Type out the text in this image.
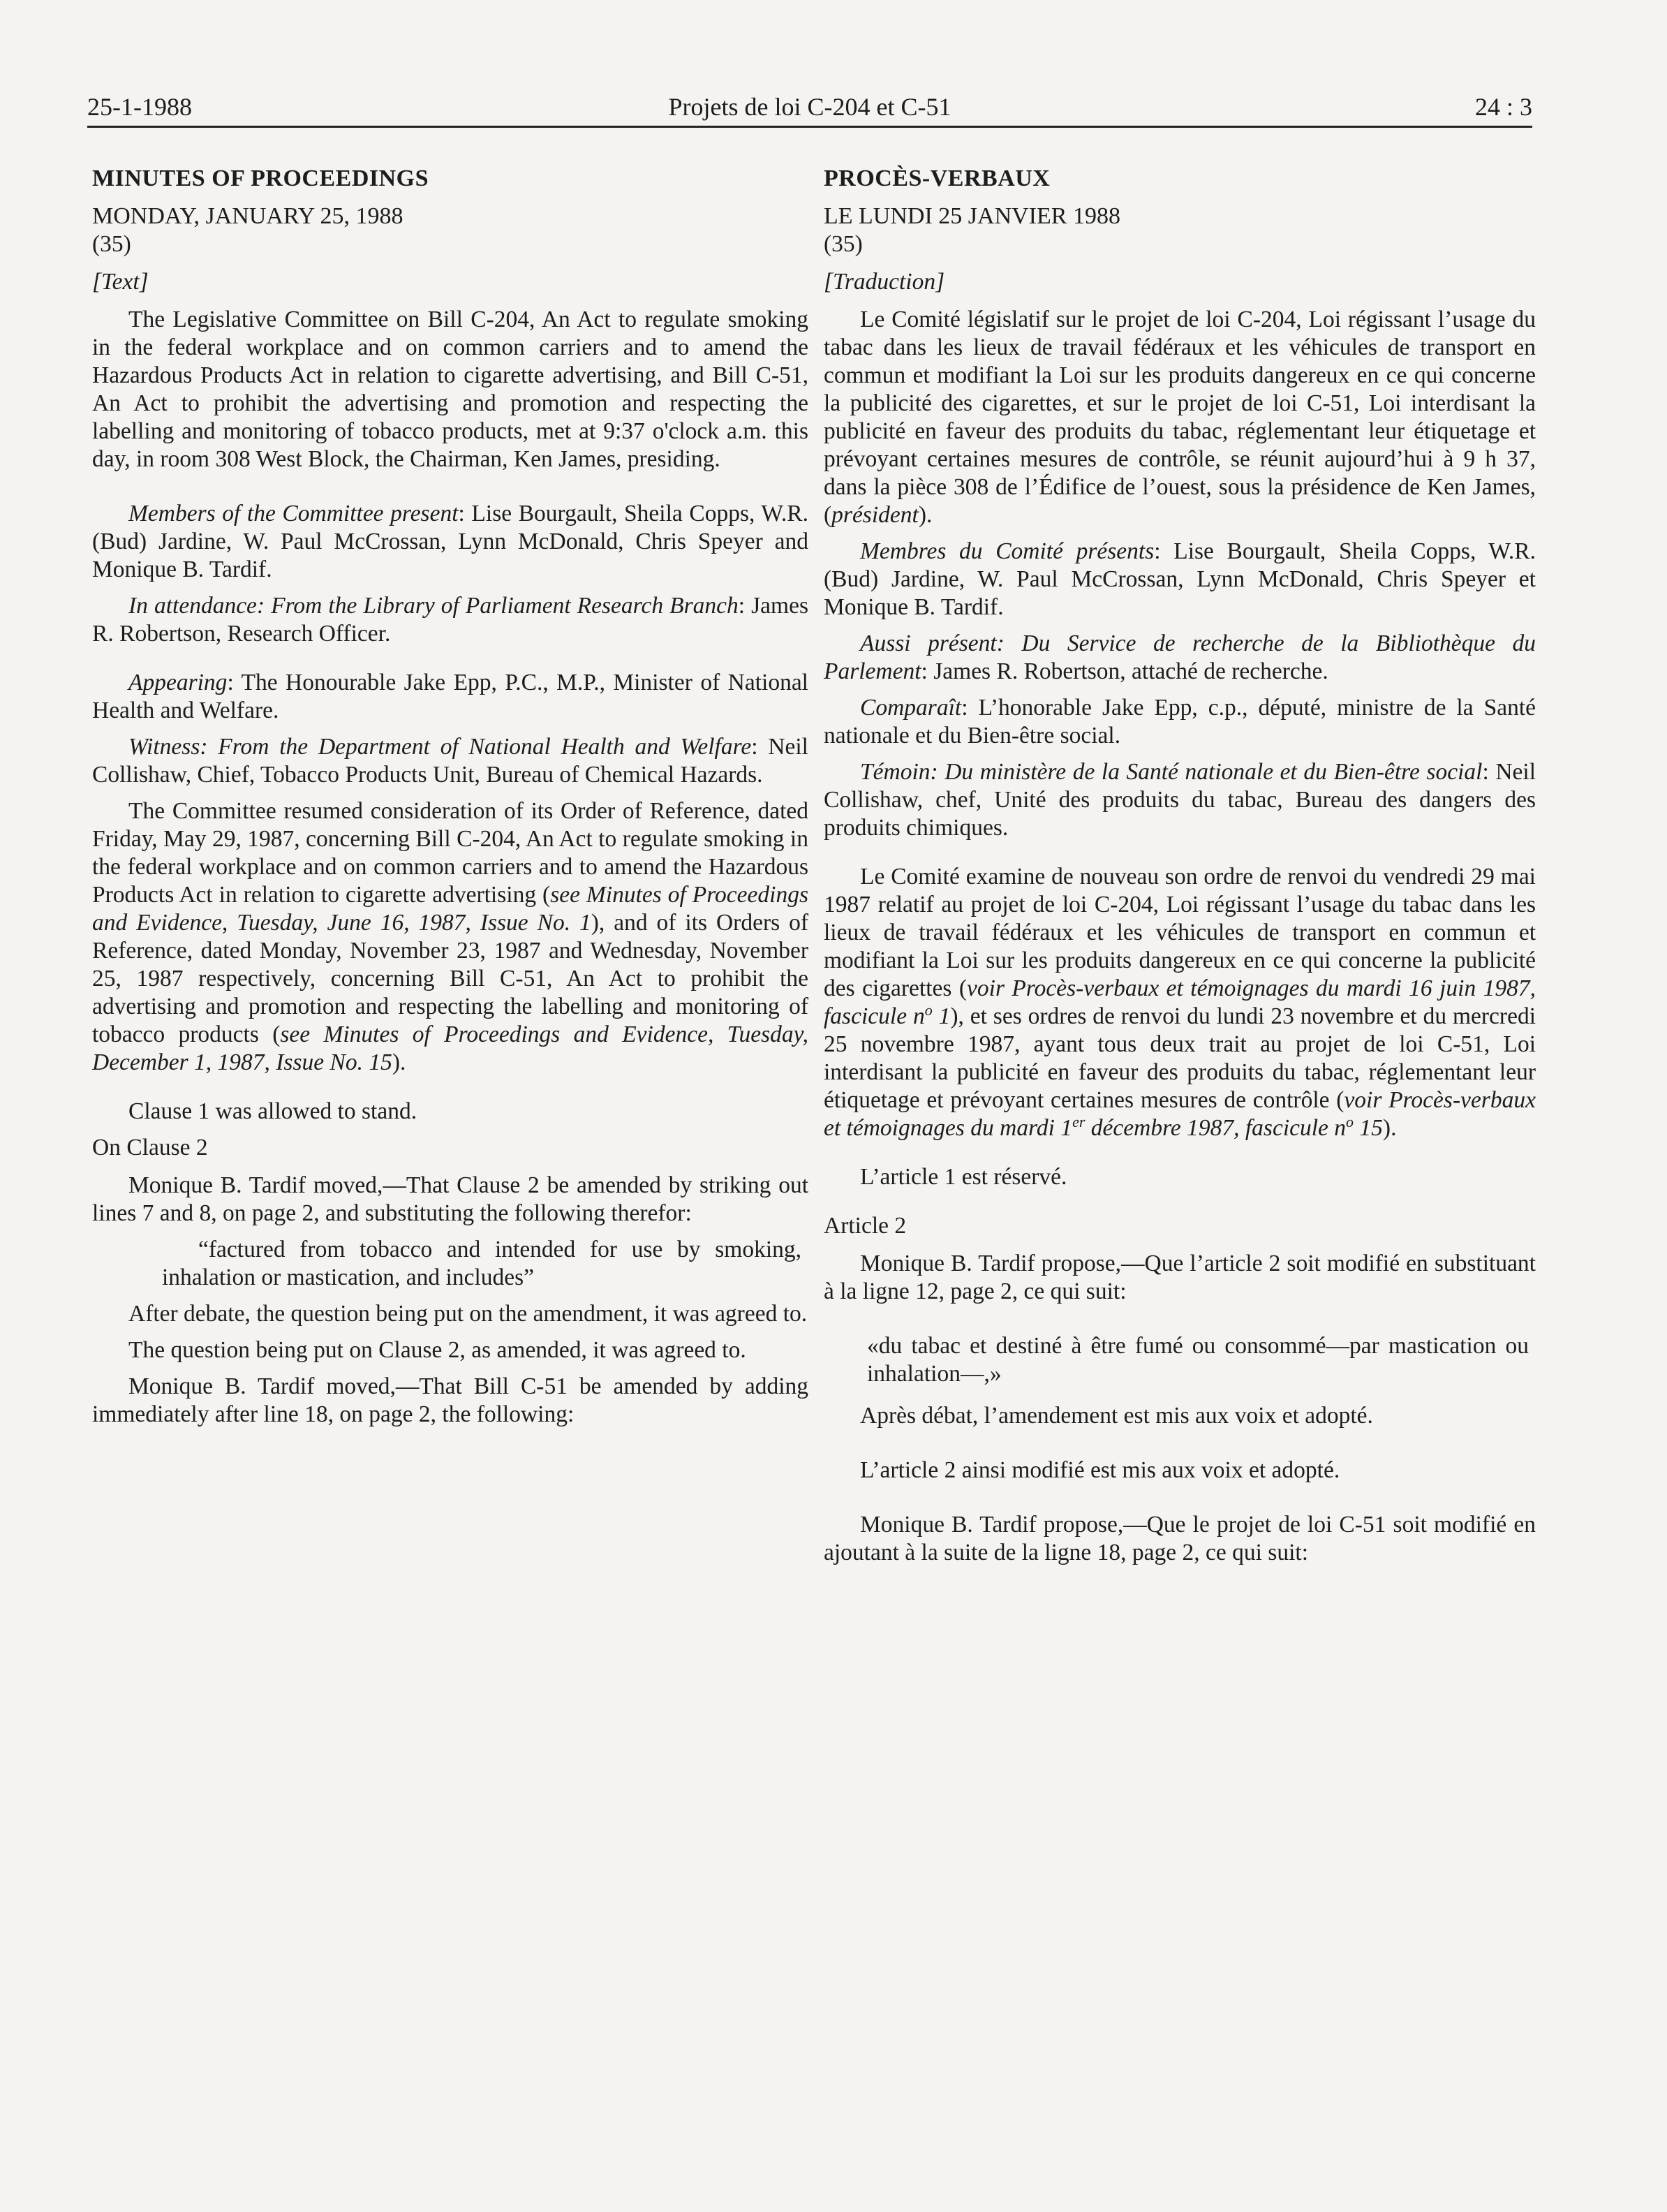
25-1-1988	Projets de loi C-204 et C-51	24 : 3

MINUTES OF PROCEEDINGS

MONDAY, JANUARY 25, 1988

(35)

[Text]

The Legislative Committee on Bill C-204, An Act to regulate smoking in the federal workplace and on common carriers and to amend the Hazardous Products Act in relation to cigarette advertising, and Bill C-51, An Act to prohibit the advertising and promotion and respecting the labelling and monitoring of tobacco products, met at 9:37 o'clock a.m. this day, in room 308 West Block, the Chairman, Ken James, presiding.

Members of the Committee present: Lise Bourgault, Sheila Copps, W.R. (Bud) Jardine, W. Paul McCrossan, Lynn McDonald, Chris Speyer and Monique B. Tardif.

In attendance: From the Library of Parliament Research Branch: James R. Robertson, Research Officer.

Appearing: The Honourable Jake Epp, P.C., M.P., Minister of National Health and Welfare.

Witness: From the Department of National Health and Welfare: Neil Collishaw, Chief, Tobacco Products Unit, Bureau of Chemical Hazards.

The Committee resumed consideration of its Order of Reference, dated Friday, May 29, 1987, concerning Bill C-204, An Act to regulate smoking in the federal workplace and on common carriers and to amend the Hazardous Products Act in relation to cigarette advertising (see Minutes of Proceedings and Evidence, Tuesday, June 16, 1987, Issue No. 1), and of its Orders of Reference, dated Monday, November 23, 1987 and Wednesday, November 25, 1987 respectively, concerning Bill C-51, An Act to prohibit the advertising and promotion and respecting the labelling and monitoring of tobacco products (see Minutes of Proceedings and Evidence, Tuesday, December 1, 1987, Issue No. 15).

Clause 1 was allowed to stand.

On Clause 2

Monique B. Tardif moved,—That Clause 2 be amended by striking out lines 7 and 8, on page 2, and substituting the following therefor:

“factured from tobacco and intended for use by smoking, inhalation or mastication, and includes”

After debate, the question being put on the amendment, it was agreed to.

The question being put on Clause 2, as amended, it was agreed to.

Monique B. Tardif moved,—That Bill C-51 be amended by adding immediately after line 18, on page 2, the following:

PROCÈS-VERBAUX

LE LUNDI 25 JANVIER 1988

(35)

[Traduction]

Le Comité législatif sur le projet de loi C-204, Loi régissant l’usage du tabac dans les lieux de travail fédéraux et les véhicules de transport en commun et modifiant la Loi sur les produits dangereux en ce qui concerne la publicité des cigarettes, et sur le projet de loi C-51, Loi interdisant la publicité en faveur des produits du tabac, réglementant leur étiquetage et prévoyant certaines mesures de contrôle, se réunit aujourd’hui à 9 h 37, dans la pièce 308 de l’Édifice de l’ouest, sous la présidence de Ken James, (président).

Membres du Comité présents: Lise Bourgault, Sheila Copps, W.R. (Bud) Jardine, W. Paul McCrossan, Lynn McDonald, Chris Speyer et Monique B. Tardif.

Aussi présent: Du Service de recherche de la Bibliothèque du Parlement: James R. Robertson, attaché de recherche.

Comparaît: L’honorable Jake Epp, c.p., député, ministre de la Santé nationale et du Bien-être social.

Témoin: Du ministère de la Santé nationale et du Bien-être social: Neil Collishaw, chef, Unité des produits du tabac, Bureau des dangers des produits chimiques.

Le Comité examine de nouveau son ordre de renvoi du vendredi 29 mai 1987 relatif au projet de loi C-204, Loi régissant l’usage du tabac dans les lieux de travail fédéraux et les véhicules de transport en commun et modifiant la Loi sur les produits dangereux en ce qui concerne la publicité des cigarettes (voir Procès-verbaux et témoignages du mardi 16 juin 1987, fascicule $n^o$ 1), et ses ordres de renvoi du lundi 23 novembre et du mercredi 25 novembre 1987, ayant tous deux trait au projet de loi C-51, Loi interdisant la publicité en faveur des produits du tabac, réglementant leur étiquetage et prévoyant certaines mesures de contrôle (voir Procès-verbaux et témoignages du mardi 1er décembre 1987, fascicule $n^o$ 15).

L’article 1 est réservé.

Article 2

Monique B. Tardif propose,—Que l’article 2 soit modifié en substituant à la ligne 12, page 2, ce qui suit:

«du tabac et destiné à être fumé ou consommé—par mastication ou inhalation—,»

Après débat, l’amendement est mis aux voix et adopté.

L’article 2 ainsi modifié est mis aux voix et adopté.

Monique B. Tardif propose,—Que le projet de loi C-51 soit modifié en ajoutant à la suite de la ligne 18, page 2, ce qui suit:
